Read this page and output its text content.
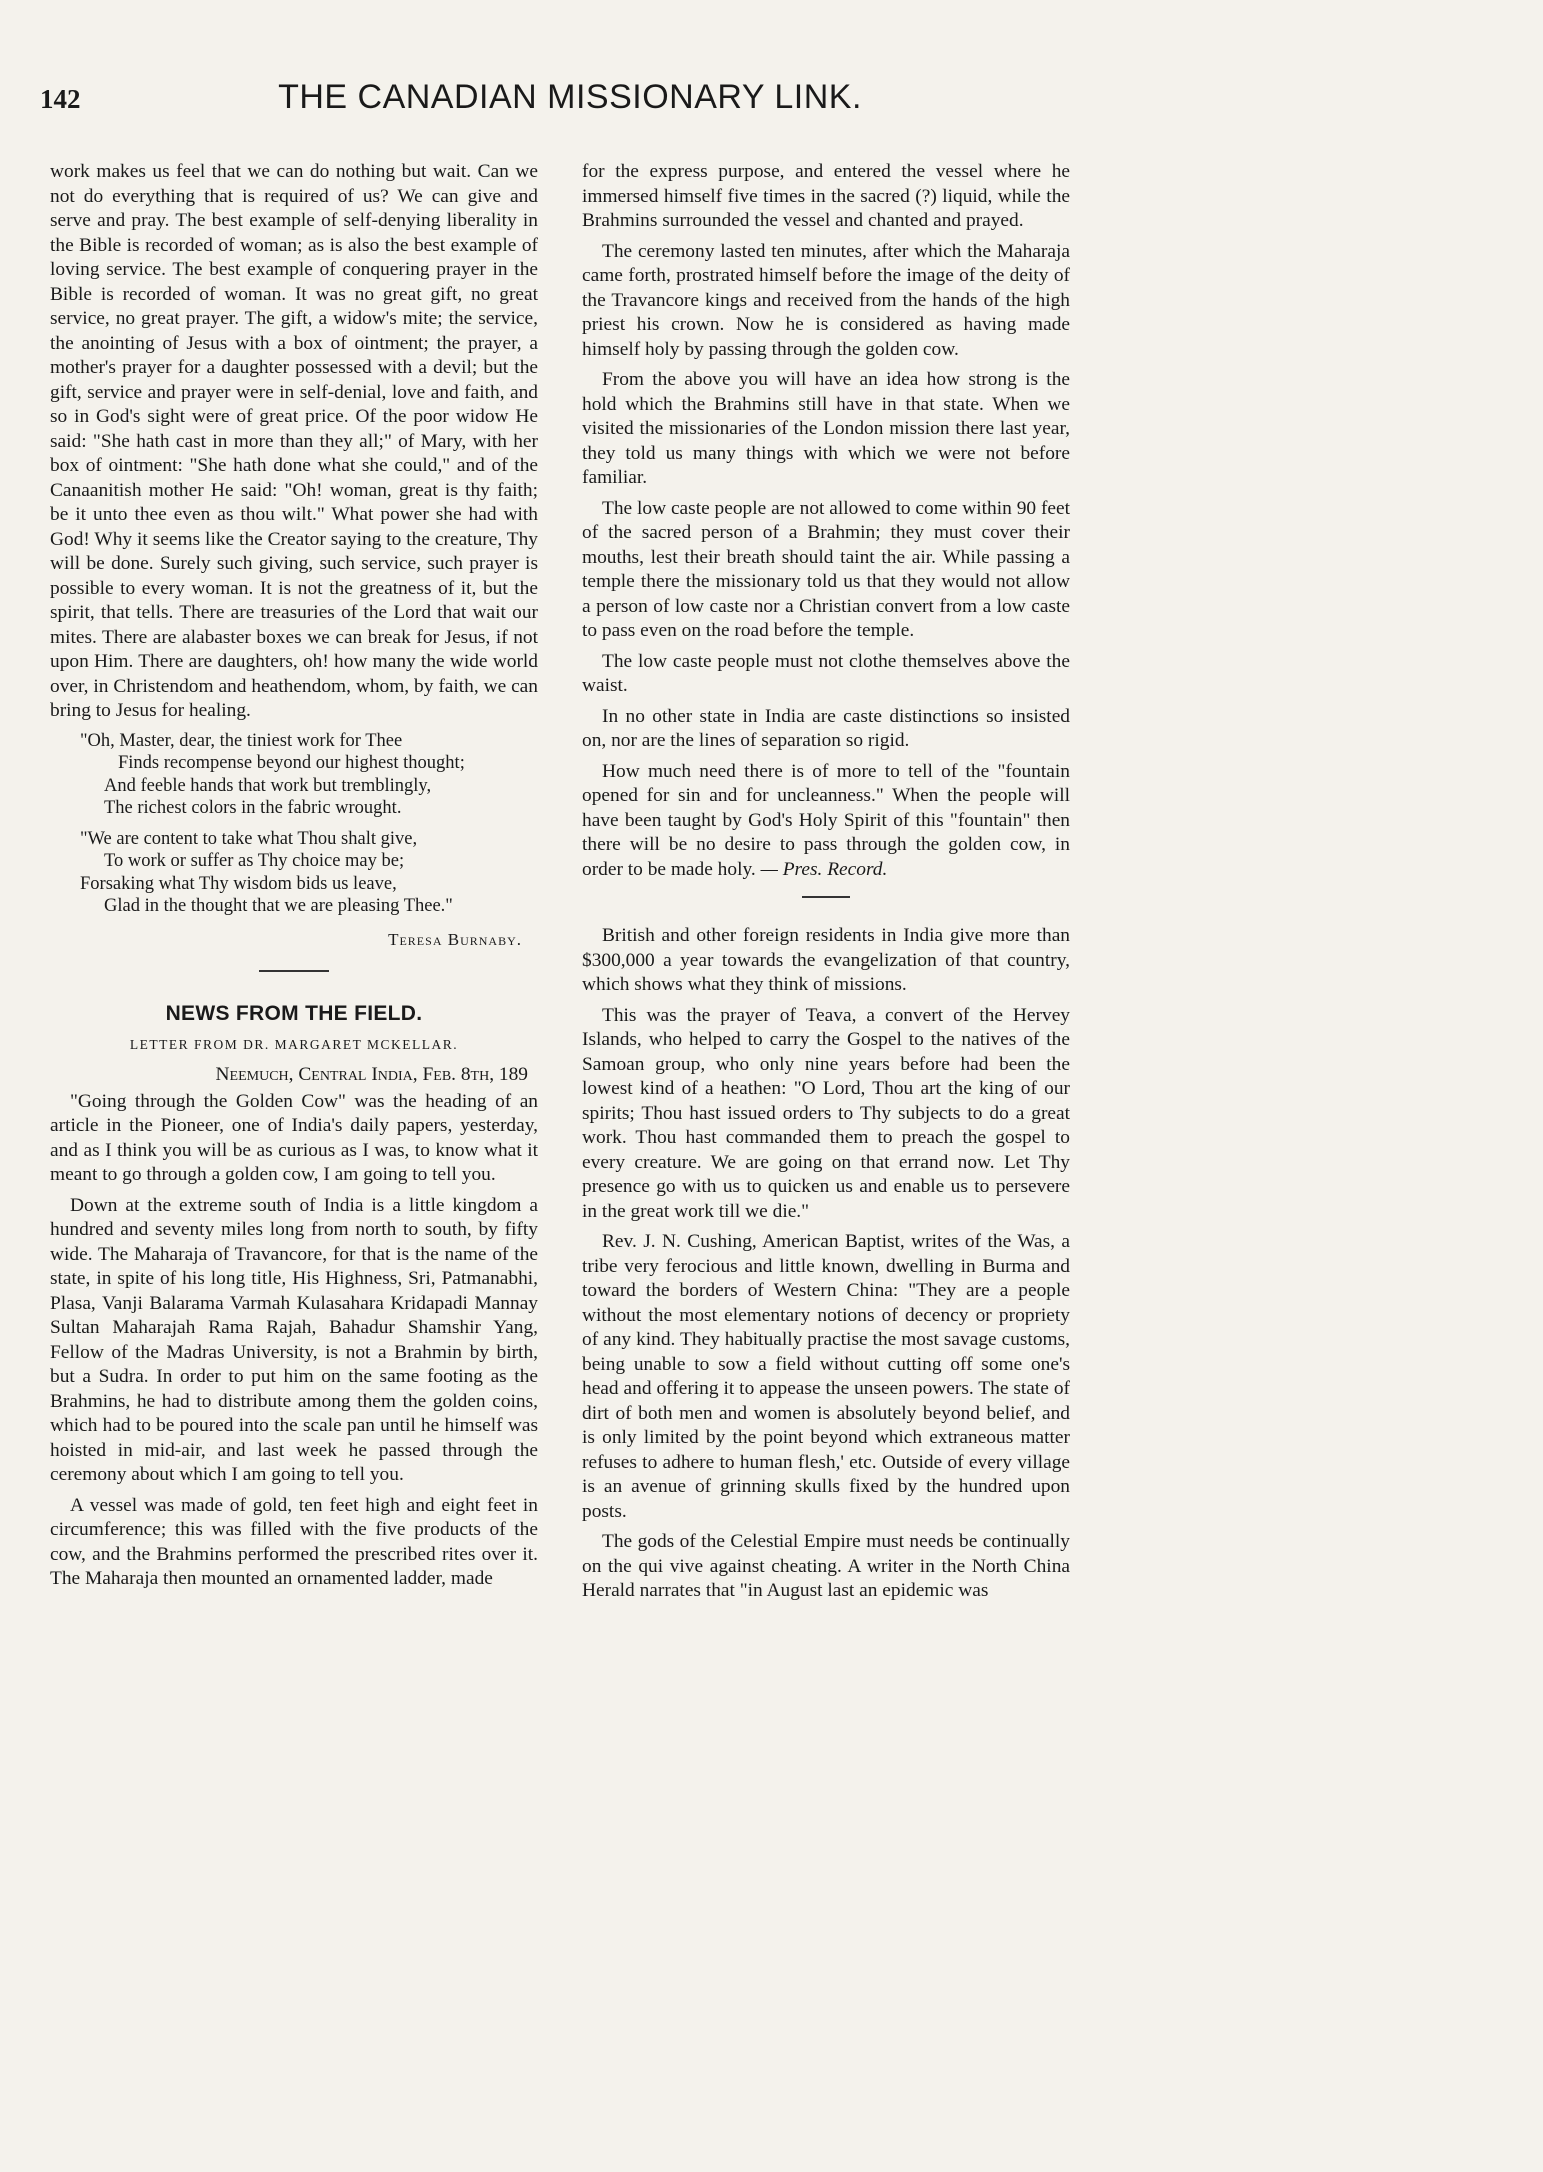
142	THE CANADIAN MISSIONARY LINK.

work makes us feel that we can do nothing but wait. Can we not do everything that is required of us? We can give and serve and pray. The best example of self-denying liberality in the Bible is recorded of woman; as is also the best example of loving service. The best example of conquering prayer in the Bible is recorded of woman. It was no great gift, no great service, no great prayer. The gift, a widow's mite; the service, the anointing of Jesus with a box of ointment; the prayer, a mother's prayer for a daughter possessed with a devil; but the gift, service and prayer were in self-denial, love and faith, and so in God's sight were of great price. Of the poor widow He said: "She hath cast in more than they all;" of Mary, with her box of ointment: "She hath done what she could," and of the Canaanitish mother He said: "Oh! woman, great is thy faith; be it unto thee even as thou wilt." What power she had with God! Why it seems like the Creator saying to the creature, Thy will be done. Surely such giving, such service, such prayer is possible to every woman. It is not the greatness of it, but the spirit, that tells. There are treasuries of the Lord that wait our mites. There are alabaster boxes we can break for Jesus, if not upon Him. There are daughters, oh! how many the wide world over, in Christendom and heathendom, whom, by faith, we can bring to Jesus for healing.

"Oh, Master, dear, the tiniest work for Thee
Finds recompense beyond our highest thought;
And feeble hands that work but tremblingly,
The richest colors in the fabric wrought.
"We are content to take what Thou shalt give,
To work or suffer as Thy choice may be;
Forsaking what Thy wisdom bids us leave,
Glad in the thought that we are pleasing Thee."
Teresa Burnaby.
NEWS FROM THE FIELD.
LETTER FROM DR. MARGARET MCKELLAR.
Neemuch, Central India, Feb. 8th, 189

"Going through the Golden Cow" was the heading of an article in the Pioneer, one of India's daily papers, yesterday, and as I think you will be as curious as I was, to know what it meant to go through a golden cow, I am going to tell you.

Down at the extreme south of India is a little kingdom a hundred and seventy miles long from north to south, by fifty wide. The Maharaja of Travancore, for that is the name of the state, in spite of his long title, His Highness, Sri, Patmanabhi, Plasa, Vanji Balarama Varmah Kulasahara Kridapadi Mannay Sultan Maharajah Rama Rajah, Bahadur Shamshir Yang, Fellow of the Madras University, is not a Brahmin by birth, but a Sudra. In order to put him on the same footing as the Brahmins, he had to distribute among them the golden coins, which had to be poured into the scale pan until he himself was hoisted in mid-air, and last week he passed through the ceremony about which I am going to tell you.

A vessel was made of gold, ten feet high and eight feet in circumference; this was filled with the five products of the cow, and the Brahmins performed the prescribed rites over it. The Maharaja then mounted an ornamented ladder, made

for the express purpose, and entered the vessel where he immersed himself five times in the sacred (?) liquid, while the Brahmins surrounded the vessel and chanted and prayed.

The ceremony lasted ten minutes, after which the Maharaja came forth, prostrated himself before the image of the deity of the Travancore kings and received from the hands of the high priest his crown. Now he is considered as having made himself holy by passing through the golden cow.

From the above you will have an idea how strong is the hold which the Brahmins still have in that state. When we visited the missionaries of the London mission there last year, they told us many things with which we were not before familiar.

The low caste people are not allowed to come within 90 feet of the sacred person of a Brahmin; they must cover their mouths, lest their breath should taint the air. While passing a temple there the missionary told us that they would not allow a person of low caste nor a Christian convert from a low caste to pass even on the road before the temple.

The low caste people must not clothe themselves above the waist.

In no other state in India are caste distinctions so insisted on, nor are the lines of separation so rigid.

How much need there is of more to tell of the "fountain opened for sin and for uncleanness." When the people will have been taught by God's Holy Spirit of this "fountain" then there will be no desire to pass through the golden cow, in order to be made holy. — Pres. Record.

British and other foreign residents in India give more than $300,000 a year towards the evangelization of that country, which shows what they think of missions.

This was the prayer of Teava, a convert of the Hervey Islands, who helped to carry the Gospel to the natives of the Samoan group, who only nine years before had been the lowest kind of a heathen: "O Lord, Thou art the king of our spirits; Thou hast issued orders to Thy subjects to do a great work. Thou hast commanded them to preach the gospel to every creature. We are going on that errand now. Let Thy presence go with us to quicken us and enable us to persevere in the great work till we die."

Rev. J. N. Cushing, American Baptist, writes of the Was, a tribe very ferocious and little known, dwelling in Burma and toward the borders of Western China: "They are a people without the most elementary notions of decency or propriety of any kind. They habitually practise the most savage customs, being unable to sow a field without cutting off some one's head and offering it to appease the unseen powers. The state of dirt of both men and women is absolutely beyond belief, and is only limited by the point beyond which extraneous matter refuses to adhere to human flesh,' etc. Outside of every village is an avenue of grinning skulls fixed by the hundred upon posts.

The gods of the Celestial Empire must needs be continually on the qui vive against cheating. A writer in the North China Herald narrates that "in August last an epidemic was
